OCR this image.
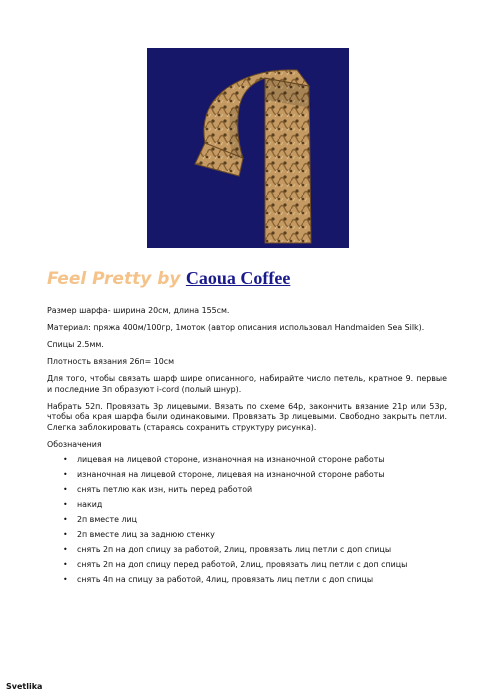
Feel Pretty by Caoua Coffee

Размер шарфа- ширина 20см, длина 155см.

Материал: пряжа 400м/100гр, 1моток (автор описания использовал Handmaiden Sea Silk).

Спицы 2.5мм.

Плотность вязания 26п= 10см

Для того, чтобы связать шарф шире описанного, набирайте число петель, кратное 9. первые и последние 3п образуют i-cord (полый шнур).

Набрать 52п. Провязать 3р лицевыми. Вязать по схеме 64р, закончить вязание 21р или 53р, чтобы оба края шарфа были одинаковыми. Провязать 3р лицевыми. Свободно закрыть петли. Слегка заблокировать (стараясь сохранить структуру рисунка).

Обозначения

• лицевая на лицевой стороне, изнаночная на изнаночной стороне работы
• изнаночная на лицевой стороне, лицевая на изнаночной стороне работы
• снять петлю как изн, нить перед работой
• накид
• 2п вместе лиц
• 2п вместе лиц за заднюю стенку
• снять 2п на доп спицу за работой, 2лиц, провязать лиц петли с доп спицы
• снять 2п на доп спицу перед работой, 2лиц, провязать лиц петли с доп спицы
• снять 4п на спицу за работой, 4лиц, провязать лиц петли с доп спицы
Svetlika
